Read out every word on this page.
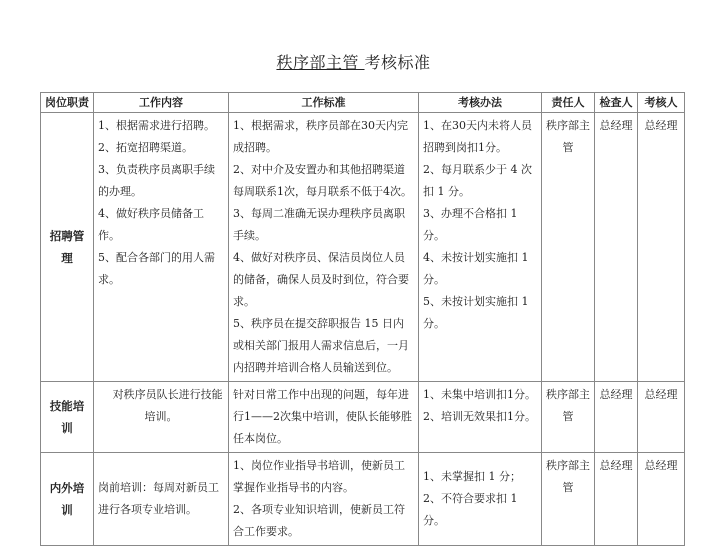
秩序部主管 考核标准
岗位职责	工作内容	工作标准	考核办法	责任人	检查人	考核人
招聘管理	1、根据需求进行招聘。
2、拓宽招聘渠道。
3、负责秩序员离职手续的办理。
4、做好秩序员储备工作。
5、配合各部门的用人需求。	1、根据需求，秩序员部在30天内完成招聘。
2、对中介及安置办和其他招聘渠道每周联系1次，每月联系不低于4次。
3、每周二准确无误办理秩序员离职手续。
4、做好对秩序员、保洁员岗位人员的储备，确保人员及时到位，符合要求。
5、秩序员在提交辞职报告 15 日内或相关部门报用人需求信息后，一月内招聘并培训合格人员输送到位。	1、在30天内未将人员招聘到岗扣1分。
2、每月联系少于 4 次扣 1 分。
3、办理不合格扣 1 分。
4、未按计划实施扣 1 分。
5、未按计划实施扣 1 分。	秩序部主管	总经理	总经理
技能培训	对秩序员队长进行技能培训。	针对日常工作中出现的问题，每年进行1——2次集中培训，使队长能够胜任本岗位。	1、未集中培训扣1分。
2、培训无效果扣1分。	秩序部主管	总经理	总经理
内外培训	岗前培训：每周对新员工进行各项专业培训。	1、岗位作业指导书培训，使新员工掌握作业指导书的内容。
2、各项专业知识培训，使新员工符合工作要求。	1、未掌握扣 1 分；
2、不符合要求扣 1 分。	秩序部主管	总经理	总经理
